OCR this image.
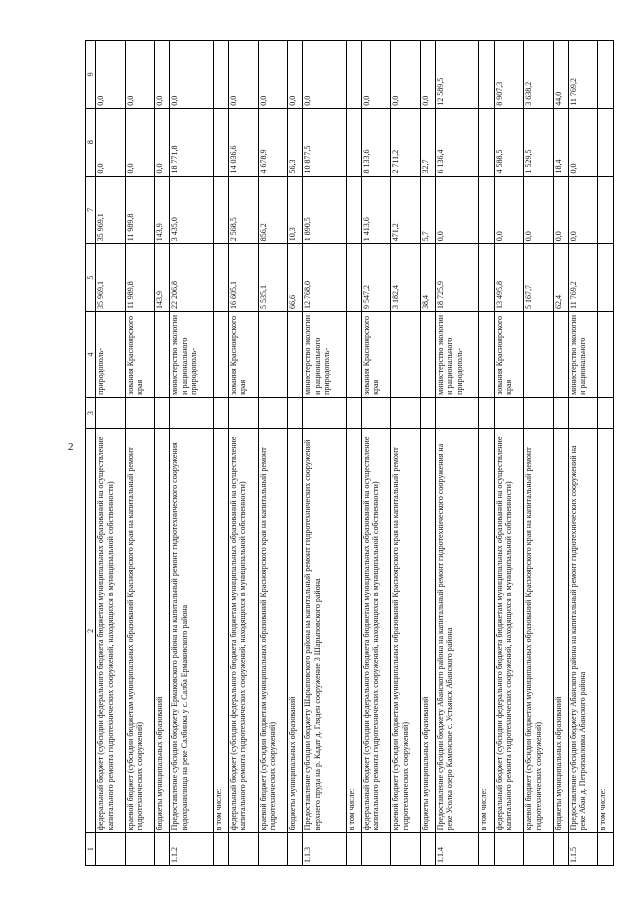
2
1	2	3	4	5	7	8	9
	федеральный бюджет (субсидии федерального бюджета бюджетам муниципальных образований на осуществление капитального ремонта гидротехнических сооружений, находящихся в муниципальной собственности)		природополь-	35 969,1	35 969,1	0,0	0,0
	краевой бюджет (субсидии бюджетам муниципальных образований Красноярского края на капитальный ремонт гидротехнических сооружений)		зования Красноярского края	11 989,8	11 989,8	0,0	0,0
	бюджеты муниципальных образований			143,9	143,9	0,0	0,0
1.1.2	Предоставление субсидии бюджету Ермаковского района на капитальный ремонт гидротехнического сооружения водохранилища на реке Салбинка у с. Салба Ермаковского района		министерство экологии и рационального природополь-	22 206,8	3 435,0	18 771,8	0,0
	в том числе:						
	федеральный бюджет (субсидии федерального бюджета бюджетам муниципальных образований на осуществление капитального ремонта гидротехнических сооружений, находящихся в муниципальной собственности)		зования Красноярского края	16 605,1	2 568,5	14 036,6	0,0
	краевой бюджет (субсидии бюджетам муниципальных образований Красноярского края на капитальный ремонт гидротехнических сооружений)			5 535,1	856,2	4 678,9	0,0
	бюджеты муниципальных образований			66,6	10,3	56,3	0,0
1.1.3	Предоставление субсидии бюджету Шарыповского района на капитальный ремонт гидротехнических сооружений верхнего пруда на р. Кадат д. Гляден сооружение 3 Шарыповского района		министерство экологии и рационального природополь-	12 768,0	1 890,5	10 877,5	0,0
	в том числе:						
	федеральный бюджет (субсидии федерального бюджета бюджетам муниципальных образований на осуществление капитального ремонта гидротехнических сооружений, находящихся в муниципальной собственности)		зования Красноярского края	9 547,2	1 413,6	8 133,6	0,0
	краевой бюджет (субсидии бюджетам муниципальных образований Красноярского края на капитальный ремонт гидротехнических сооружений)			3 182,4	471,2	2 711,2	0,0
	бюджеты муниципальных образований			38,4	5,7	32,7	0,0
1.1.4	Предоставление субсидии бюджету Абанского района на капитальный ремонт гидротехнического сооружения на реке Усолка озеро Каменское с. Устьянск Абанского района		министерство экологии и рационального природополь-	18 725,9	0,0	6 136,4	12 589,5
	в том числе:						
	федеральный бюджет (субсидии федерального бюджета бюджетам муниципальных образований на осуществление капитального ремонта гидротехнических сооружений, находящихся в муниципальной собственности)		зования Красноярского края	13 495,8	0,0	4 588,5	8 907,3
	краевой бюджет (субсидии бюджетам муниципальных образований Красноярского края на капитальный ремонт гидротехнических сооружений)			5 167,7	0,0	1 529,5	3 638,2
	бюджеты муниципальных образований			62,4	0,0	18,4	44,0
1.1.5	Предоставление субсидии бюджету Абанского района на капитальный ремонт гидротехнических сооружений на реке Абан д. Петропавловка Абанского района		министерство экологии и рационального	11 769,2	0,0	0,0	11 769,2
	в том числе:						
